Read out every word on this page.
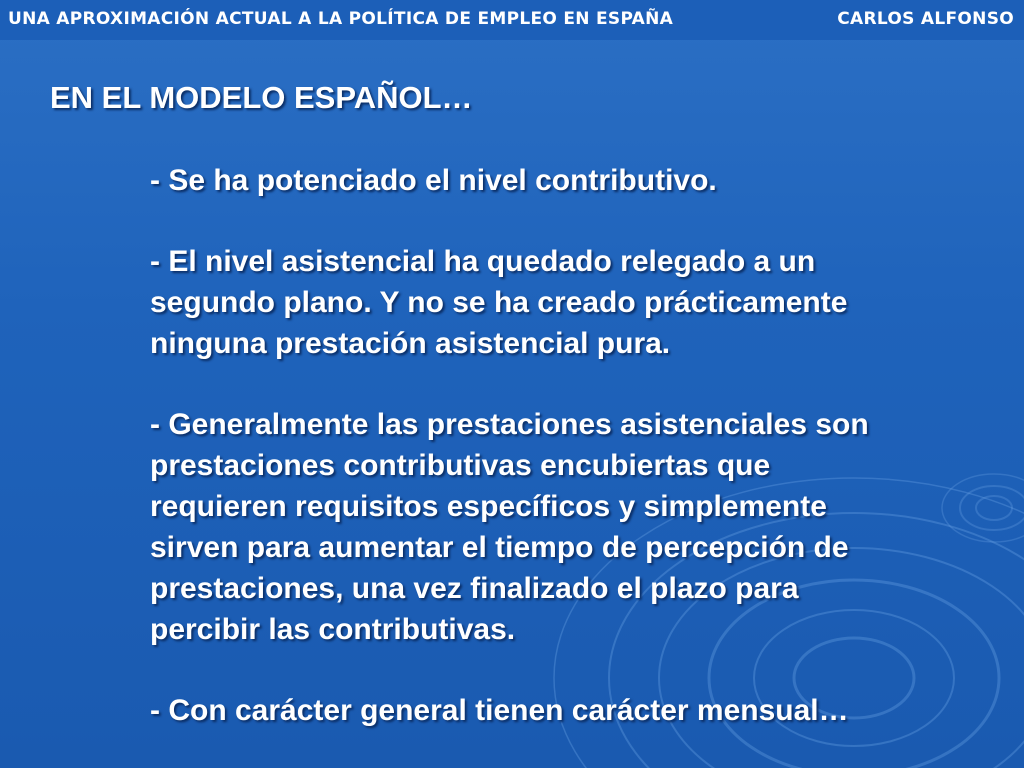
UNA APROXIMACIÓN ACTUAL A LA POLÍTICA DE EMPLEO EN ESPAÑA	CARLOS ALFONSO
EN EL MODELO ESPAÑOL…

- Se ha potenciado el nivel contributivo.

- El nivel asistencial ha quedado relegado a un
segundo plano. Y no se ha creado prácticamente
ninguna prestación asistencial pura.

- Generalmente las prestaciones asistenciales son
prestaciones contributivas encubiertas que
requieren requisitos específicos y simplemente
sirven para aumentar el tiempo de percepción de
prestaciones, una vez finalizado el plazo para
percibir las contributivas.

- Con carácter general tienen carácter mensual…
